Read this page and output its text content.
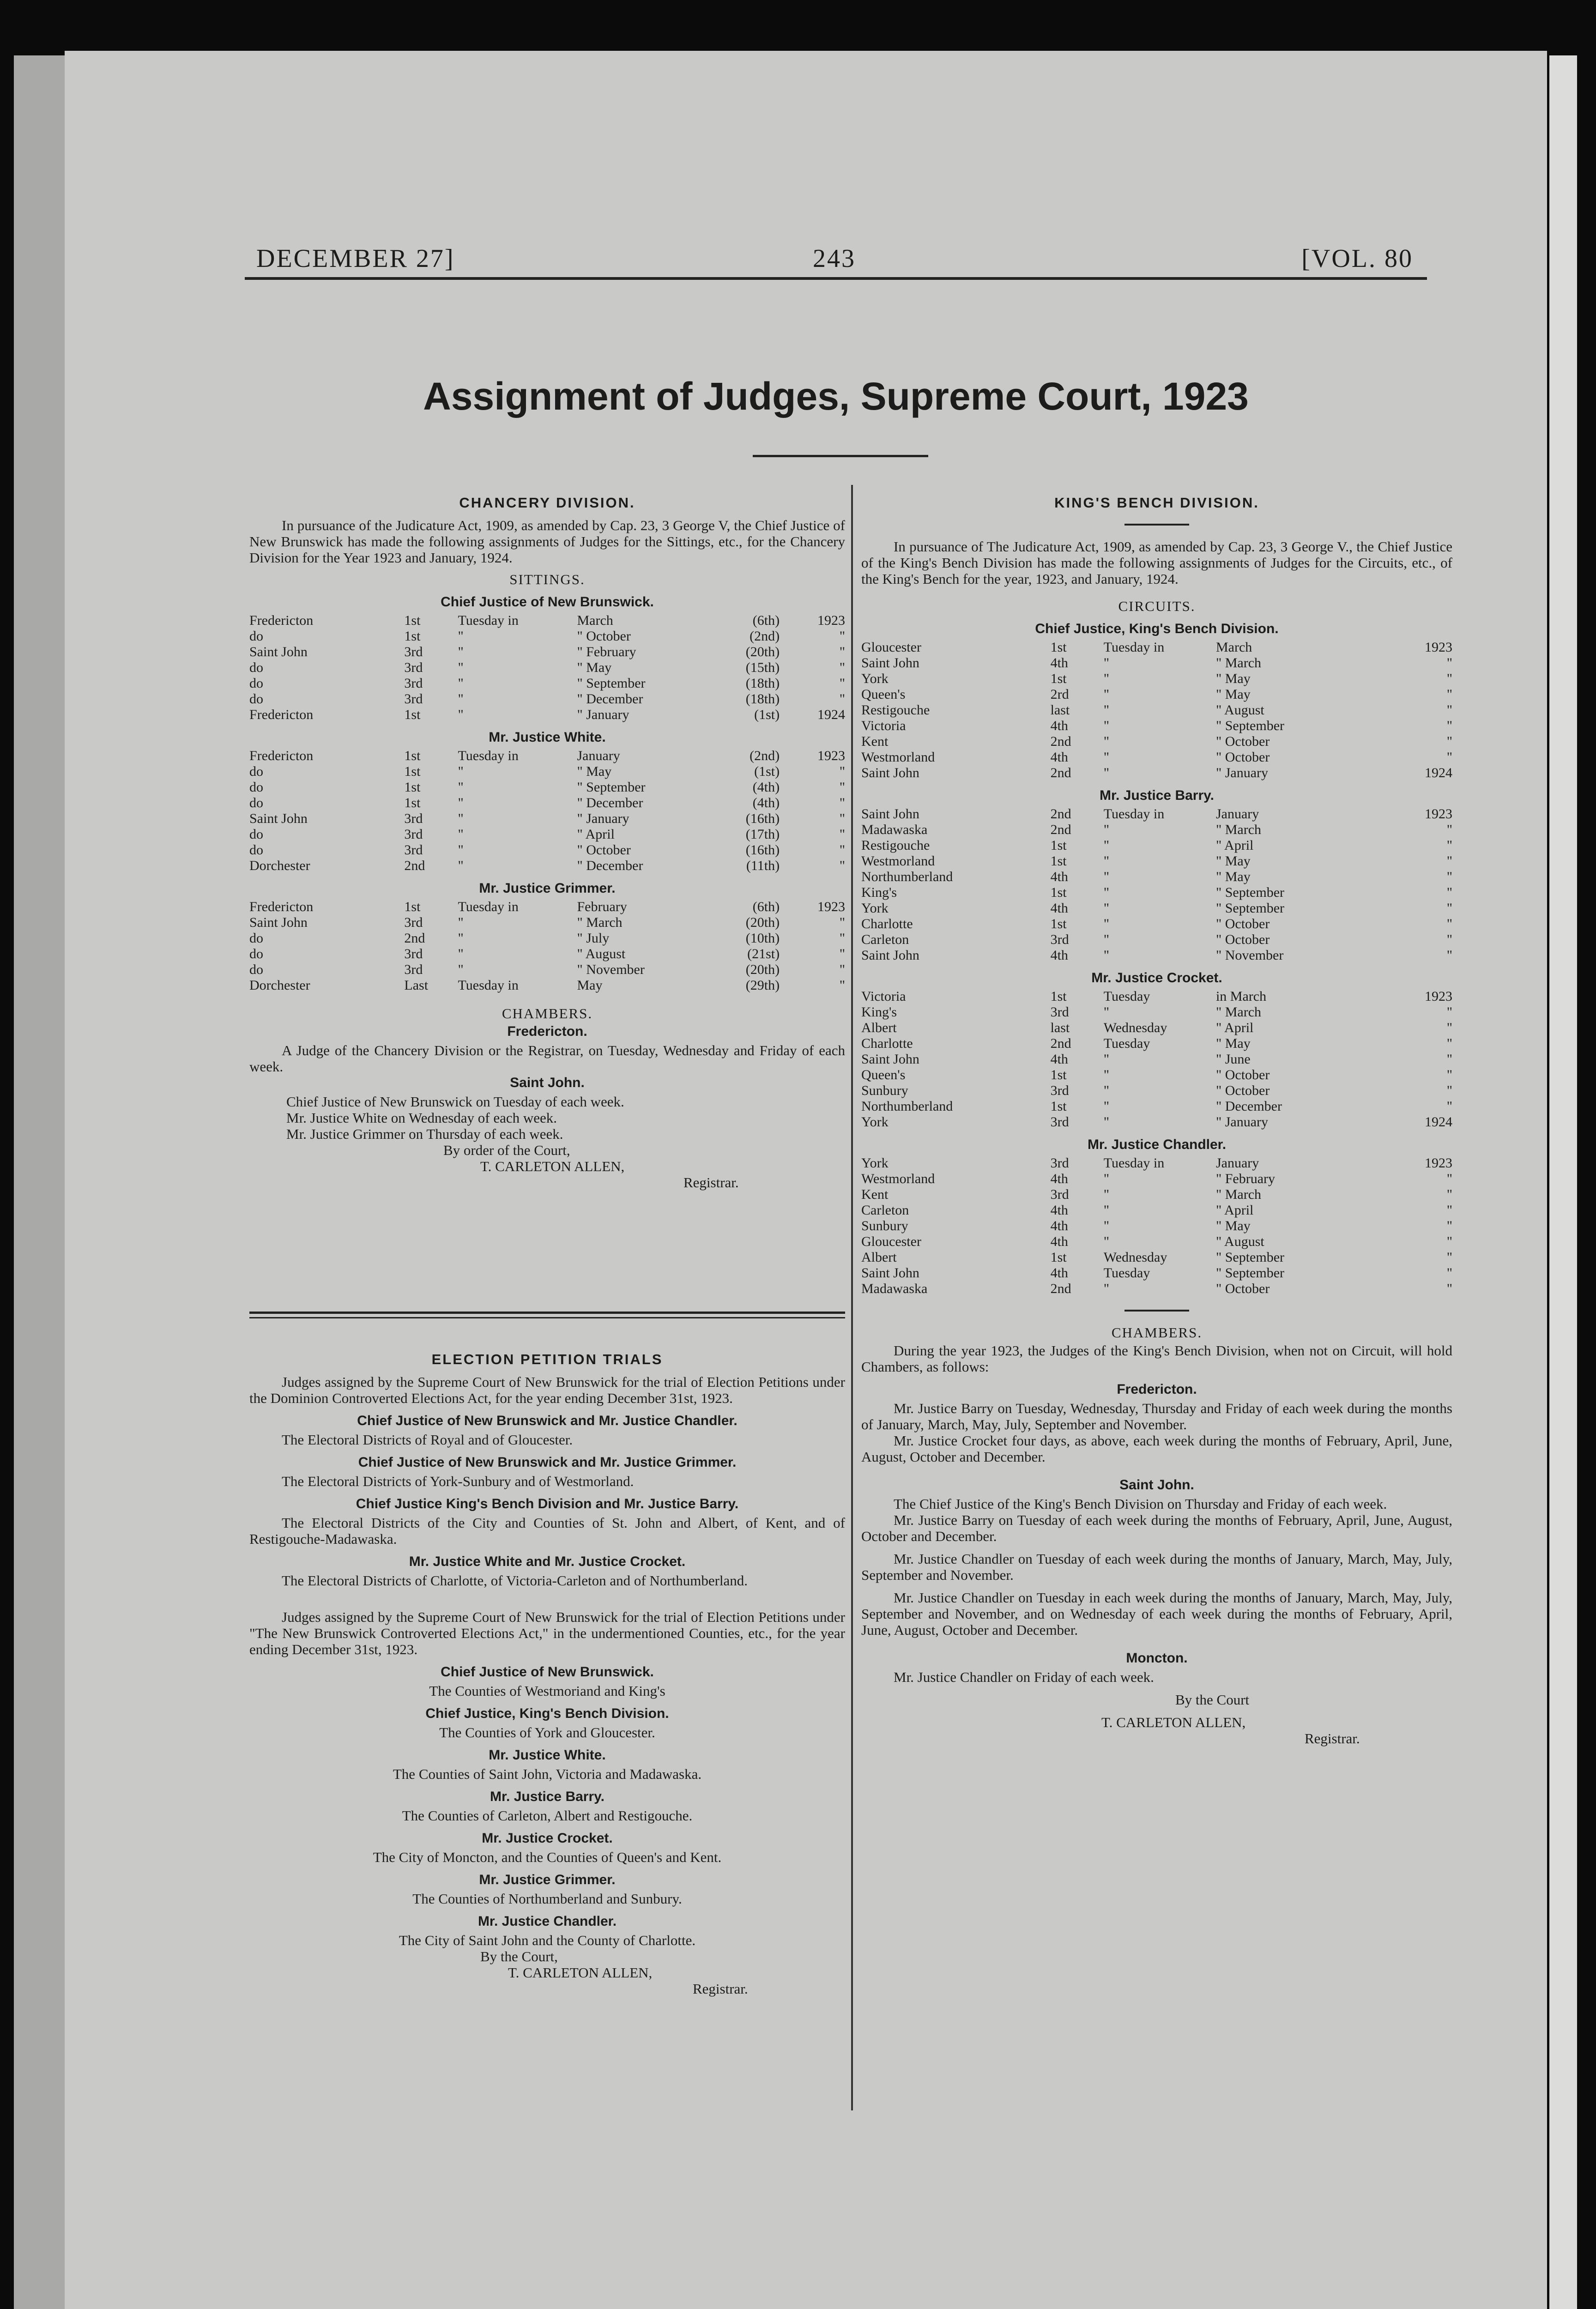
DECEMBER 27]	243	[VOL. 80
Assignment of Judges, Supreme Court, 1923
CHANCERY DIVISION.

In pursuance of the Judicature Act, 1909, as amended by Cap. 23, 3 George V, the Chief Justice of New Brunswick has made the following assignments of Judges for the Sittings, etc., for the Chancery Division for the Year 1923 and January, 1924.

SITTINGS.
Chief Justice of New Brunswick.
Fredericton	1st	Tuesday in	March	(6th)	1923
do	1st	"	" October	(2nd)	"
Saint John	3rd	"	" February	(20th)	"
do	3rd	"	" May	(15th)	"
do	3rd	"	" September	(18th)	"
do	3rd	"	" December	(18th)	"
Fredericton	1st	"	" January	(1st)	1924
Mr. Justice White.
Fredericton	1st	Tuesday in	January	(2nd)	1923
do	1st	"	" May	(1st)	"
do	1st	"	" September	(4th)	"
do	1st	"	" December	(4th)	"
Saint John	3rd	"	" January	(16th)	"
do	3rd	"	" April	(17th)	"
do	3rd	"	" October	(16th)	"
Dorchester	2nd	"	" December	(11th)	"
Mr. Justice Grimmer.
Fredericton	1st	Tuesday in	February	(6th)	1923
Saint John	3rd	"	" March	(20th)	"
do	2nd	"	" July	(10th)	"
do	3rd	"	" August	(21st)	"
do	3rd	"	" November	(20th)	"
Dorchester	Last	Tuesday in	May	(29th)	"
CHAMBERS.
Fredericton.

A Judge of the Chancery Division or the Registrar, on Tuesday, Wednesday and Friday of each week.

Saint John.

Chief Justice of New Brunswick on Tuesday of each week.

Mr. Justice White on Wednesday of each week.

Mr. Justice Grimmer on Thursday of each week.

By order of the Court,

T. CARLETON ALLEN,

Registrar.

ELECTION PETITION TRIALS

Judges assigned by the Supreme Court of New Brunswick for the trial of Election Petitions under the Dominion Controverted Elections Act, for the year ending December 31st, 1923.

Chief Justice of New Brunswick and Mr. Justice Chandler.

The Electoral Districts of Royal and of Gloucester.

Chief Justice of New Brunswick and Mr. Justice Grimmer.

The Electoral Districts of York-Sunbury and of Westmorland.

Chief Justice King's Bench Division and Mr. Justice Barry.

The Electoral Districts of the City and Counties of St. John and Albert, of Kent, and of Restigouche-Madawaska.

Mr. Justice White and Mr. Justice Crocket.

The Electoral Districts of Charlotte, of Victoria-Carleton and of Northumberland.

Judges assigned by the Supreme Court of New Brunswick for the trial of Election Petitions under "The New Brunswick Controverted Elections Act," in the undermentioned Counties, etc., for the year ending December 31st, 1923.

Chief Justice of New Brunswick.

The Counties of Westmoriand and King's

Chief Justice, King's Bench Division.

The Counties of York and Gloucester.

Mr. Justice White.

The Counties of Saint John, Victoria and Madawaska.

Mr. Justice Barry.

The Counties of Carleton, Albert and Restigouche.

Mr. Justice Crocket.

The City of Moncton, and the Counties of Queen's and Kent.

Mr. Justice Grimmer.

The Counties of Northumberland and Sunbury.

Mr. Justice Chandler.

The City of Saint John and the County of Charlotte.

By the Court,

T. CARLETON ALLEN,

Registrar.

KING'S BENCH DIVISION.

In pursuance of The Judicature Act, 1909, as amended by Cap. 23, 3 George V., the Chief Justice of the King's Bench Division has made the following assignments of Judges for the Circuits, etc., of the King's Bench for the year, 1923, and January, 1924.

CIRCUITS.
Chief Justice, King's Bench Division.
Gloucester	1st	Tuesday in	March	1923
Saint John	4th	"	" March	"
York	1st	"	" May	"
Queen's	2rd	"	" May	"
Restigouche	last	"	" August	"
Victoria	4th	"	" September	"
Kent	2nd	"	" October	"
Westmorland	4th	"	" October	"
Saint John	2nd	"	" January	1924
Mr. Justice Barry.
Saint John	2nd	Tuesday in	January	1923
Madawaska	2nd	"	" March	"
Restigouche	1st	"	" April	"
Westmorland	1st	"	" May	"
Northumberland	4th	"	" May	"
King's	1st	"	" September	"
York	4th	"	" September	"
Charlotte	1st	"	" October	"
Carleton	3rd	"	" October	"
Saint John	4th	"	" November	"
Mr. Justice Crocket.
Victoria	1st	Tuesday	in March	1923
King's	3rd	"	" March	"
Albert	last	Wednesday	" April	"
Charlotte	2nd	Tuesday	" May	"
Saint John	4th	"	" June	"
Queen's	1st	"	" October	"
Sunbury	3rd	"	" October	"
Northumberland	1st	"	" December	"
York	3rd	"	" January	1924
Mr. Justice Chandler.
York	3rd	Tuesday in	January	1923
Westmorland	4th	"	" February	"
Kent	3rd	"	" March	"
Carleton	4th	"	" April	"
Sunbury	4th	"	" May	"
Gloucester	4th	"	" August	"
Albert	1st	Wednesday	" September	"
Saint John	4th	Tuesday	" September	"
Madawaska	2nd	"	" October	"
CHAMBERS.

During the year 1923, the Judges of the King's Bench Division, when not on Circuit, will hold Chambers, as follows:

Fredericton.

Mr. Justice Barry on Tuesday, Wednesday, Thursday and Friday of each week during the months of January, March, May, July, September and November.

Mr. Justice Crocket four days, as above, each week during the months of February, April, June, August, October and December.

Saint John.

The Chief Justice of the King's Bench Division on Thursday and Friday of each week.

Mr. Justice Barry on Tuesday of each week during the months of February, April, June, August, October and December.

Mr. Justice Chandler on Tuesday of each week during the months of January, March, May, July, September and November.

Mr. Justice Chandler on Tuesday in each week during the months of January, March, May, July, September and November, and on Wednesday of each week during the months of February, April, June, August, October and December.

Moncton.

Mr. Justice Chandler on Friday of each week.

By the Court

T. CARLETON ALLEN,

Registrar.
